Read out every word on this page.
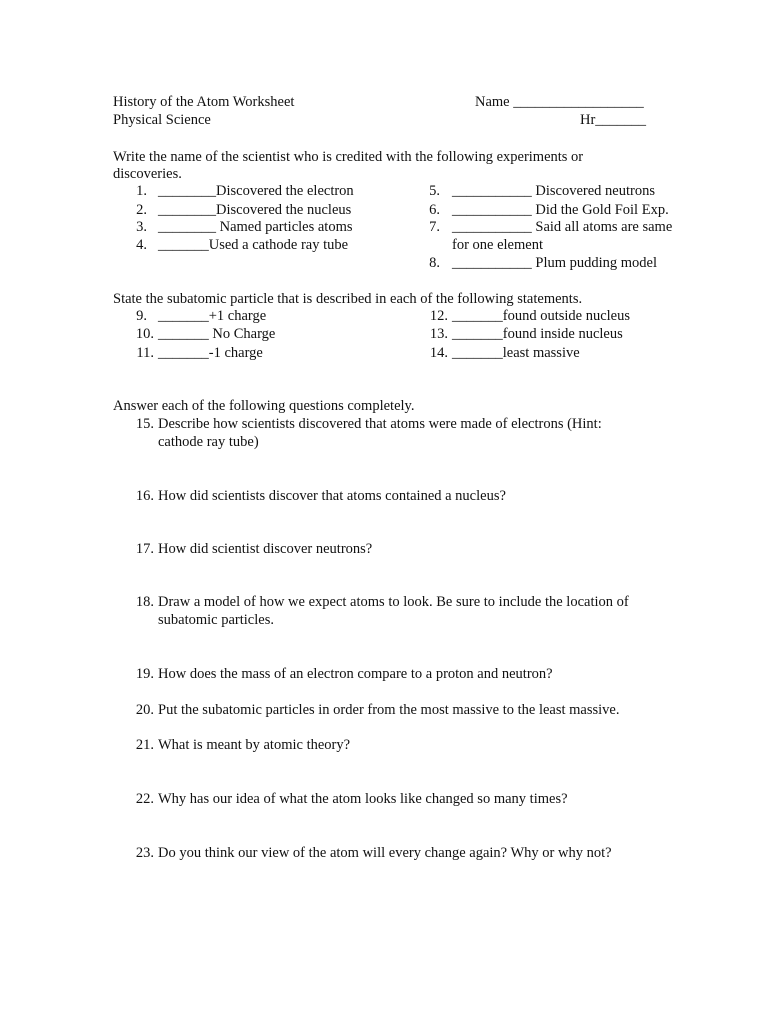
History of the Atom Worksheet
Physical Science
Name __________________
Hr_______
Write the name of the scientist who is credited with the following experiments or
discoveries.
1. ________Discovered the electron
2. ________Discovered the nucleus
3. ________ Named particles atoms
4. _______Used a cathode ray tube
5. ___________ Discovered neutrons
6. ___________ Did the Gold Foil Exp.
7. ___________ Said all atoms are same
for one element
8. ___________ Plum pudding model
State the subatomic particle that is described in each of the following statements.
9. _______+1 charge
10. _______ No Charge
11. _______-1 charge
12. _______found outside nucleus
13. _______found inside nucleus
14. _______least massive
Answer each of the following questions completely.
15. Describe how scientists discovered that atoms were made of electrons (Hint:
cathode ray tube)
16. How did scientists discover that atoms contained a nucleus?
17. How did scientist discover neutrons?
18. Draw a model of how we expect atoms to look. Be sure to include the location of
subatomic particles.
19. How does the mass of an electron compare to a proton and neutron?
20. Put the subatomic particles in order from the most massive to the least massive.
21. What is meant by atomic theory?
22. Why has our idea of what the atom looks like changed so many times?
23. Do you think our view of the atom will every change again? Why or why not?
